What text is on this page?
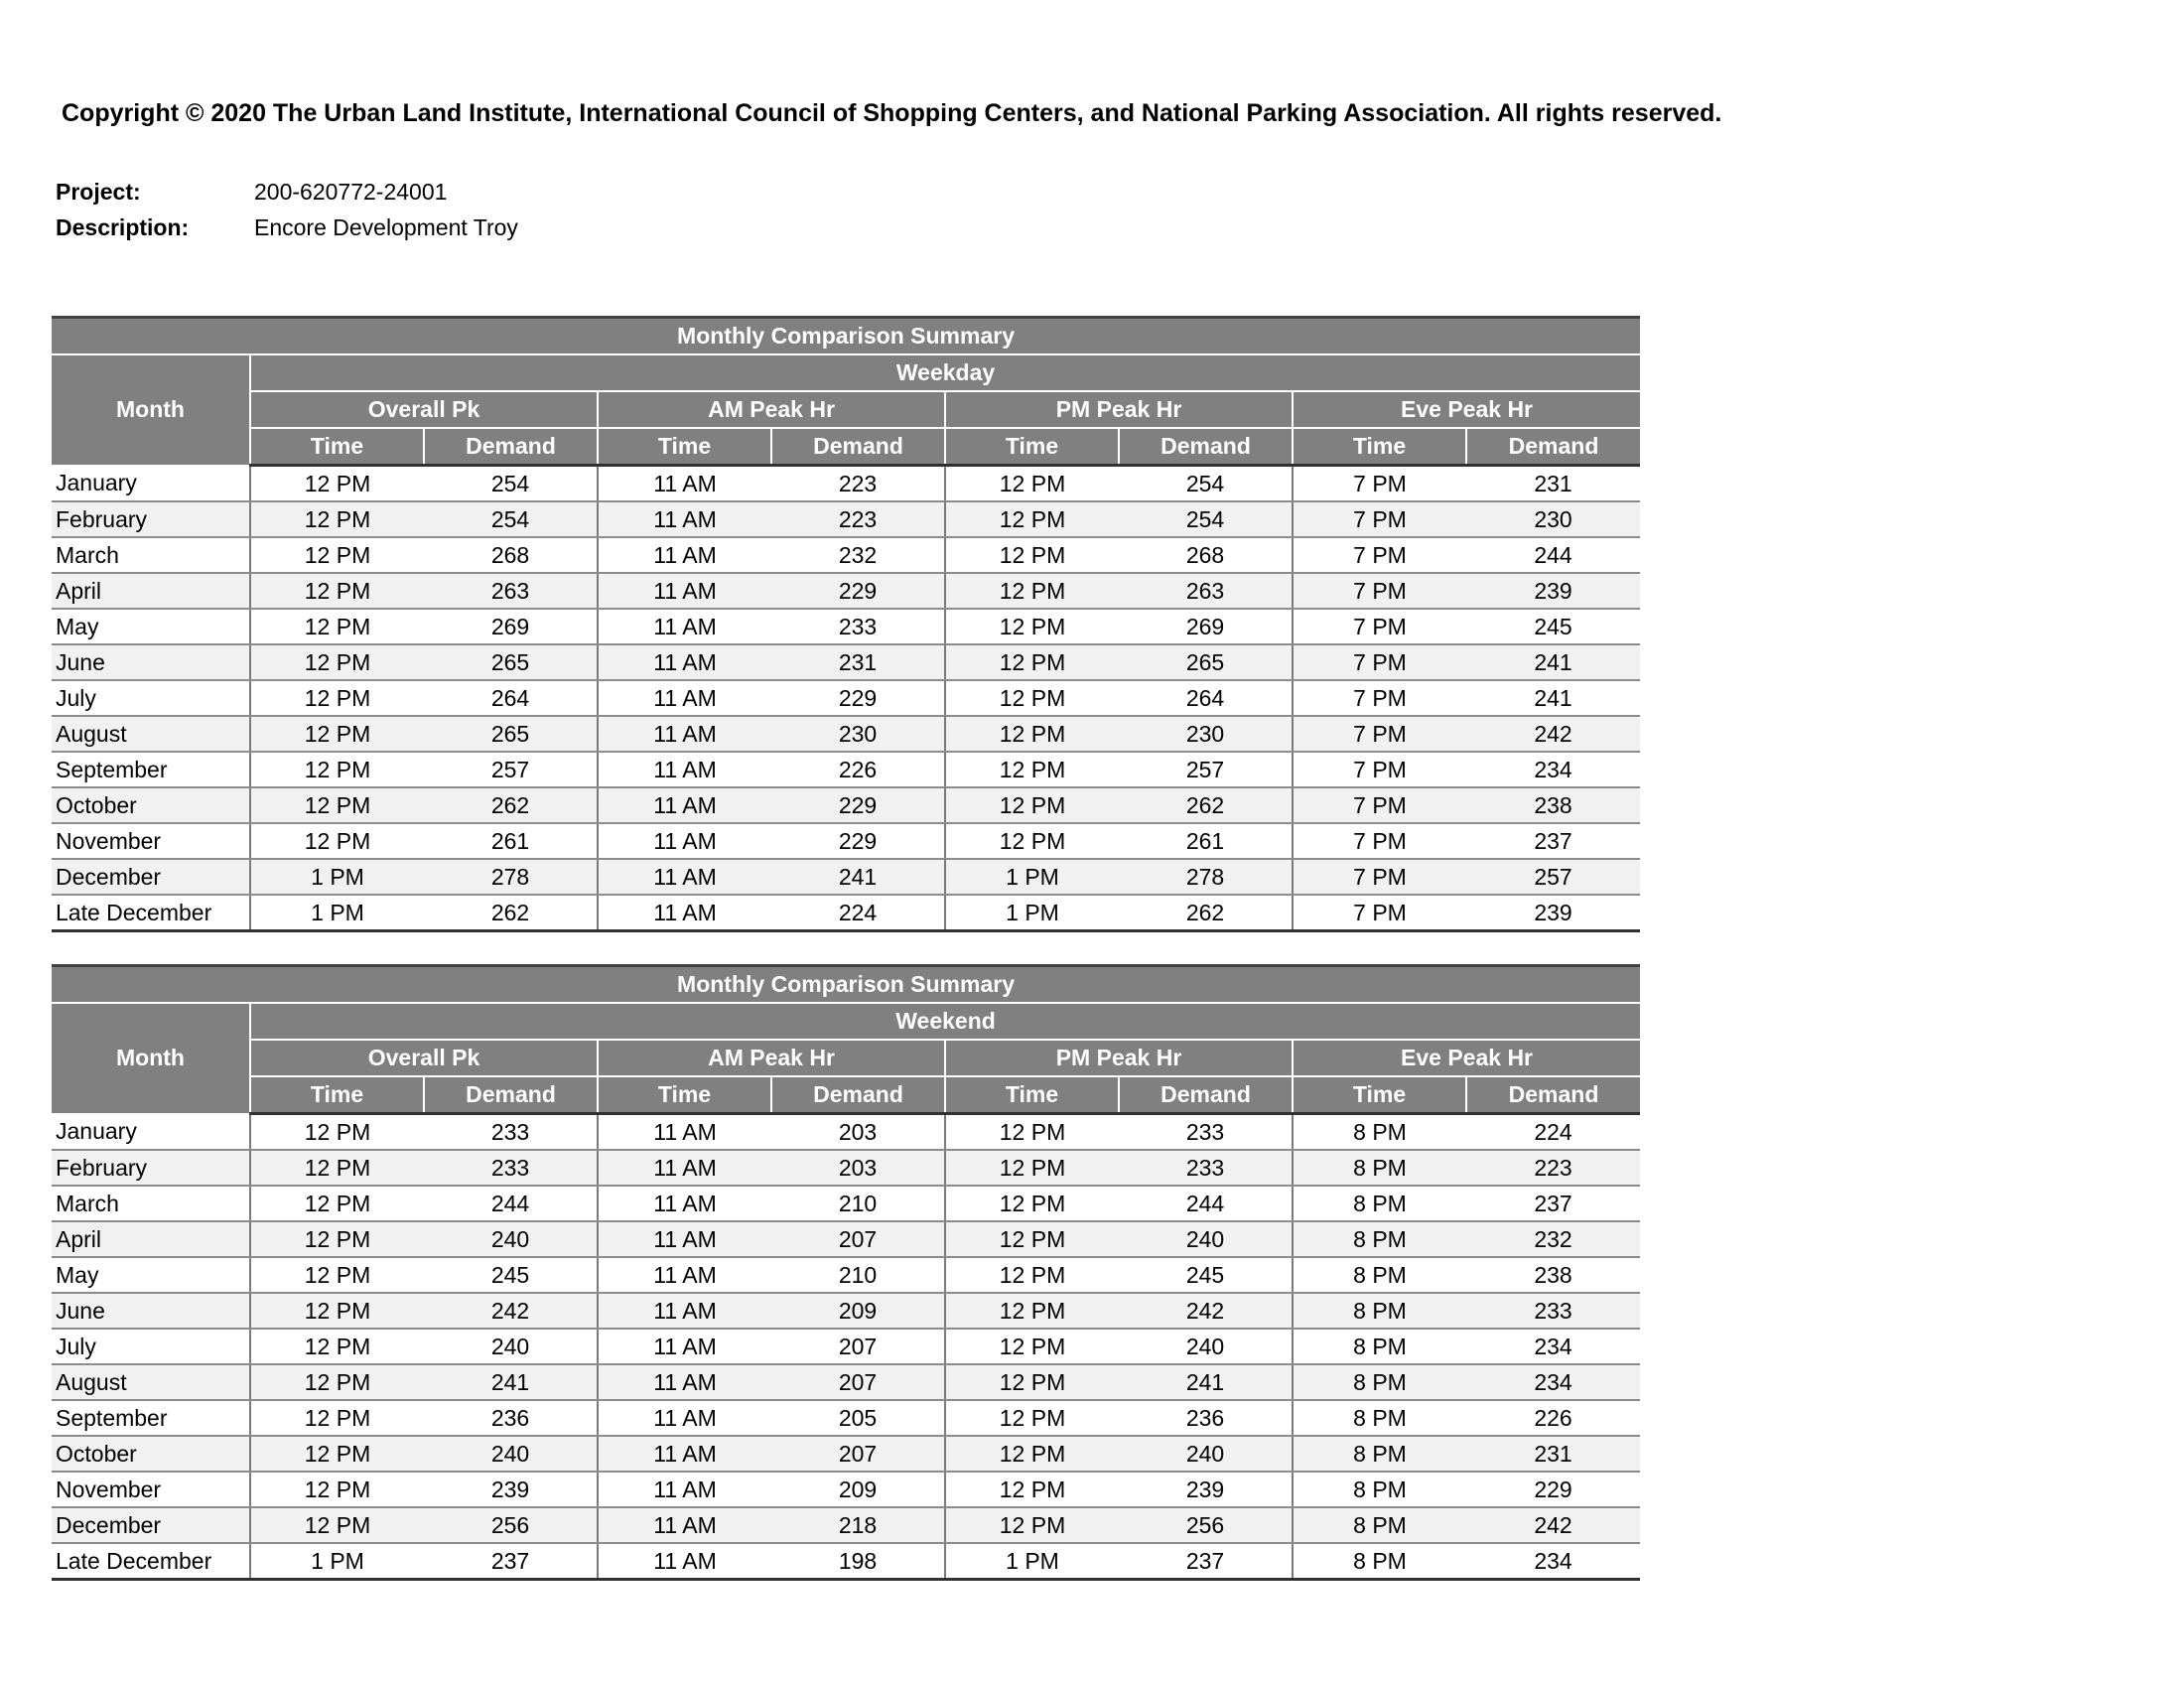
Copyright © 2020 The Urban Land Institute, International Council of Shopping Centers, and National Parking Association. All rights reserved.
Project:	200-620772-24001
Description:	Encore Development Troy
Monthly Comparison Summary								
Month	Weekday							
	Overall Pk		AM Peak Hr		PM Peak Hr		Eve Peak Hr	
	Time	Demand	Time	Demand	Time	Demand	Time	Demand
January	12 PM	254	11 AM	223	12 PM	254	7 PM	231
February	12 PM	254	11 AM	223	12 PM	254	7 PM	230
March	12 PM	268	11 AM	232	12 PM	268	7 PM	244
April	12 PM	263	11 AM	229	12 PM	263	7 PM	239
May	12 PM	269	11 AM	233	12 PM	269	7 PM	245
June	12 PM	265	11 AM	231	12 PM	265	7 PM	241
July	12 PM	264	11 AM	229	12 PM	264	7 PM	241
August	12 PM	265	11 AM	230	12 PM	230	7 PM	242
September	12 PM	257	11 AM	226	12 PM	257	7 PM	234
October	12 PM	262	11 AM	229	12 PM	262	7 PM	238
November	12 PM	261	11 AM	229	12 PM	261	7 PM	237
December	1 PM	278	11 AM	241	1 PM	278	7 PM	257
Late December	1 PM	262	11 AM	224	1 PM	262	7 PM	239
Monthly Comparison Summary								
Month	Weekend							
	Overall Pk		AM Peak Hr		PM Peak Hr		Eve Peak Hr	
	Time	Demand	Time	Demand	Time	Demand	Time	Demand
January	12 PM	233	11 AM	203	12 PM	233	8 PM	224
February	12 PM	233	11 AM	203	12 PM	233	8 PM	223
March	12 PM	244	11 AM	210	12 PM	244	8 PM	237
April	12 PM	240	11 AM	207	12 PM	240	8 PM	232
May	12 PM	245	11 AM	210	12 PM	245	8 PM	238
June	12 PM	242	11 AM	209	12 PM	242	8 PM	233
July	12 PM	240	11 AM	207	12 PM	240	8 PM	234
August	12 PM	241	11 AM	207	12 PM	241	8 PM	234
September	12 PM	236	11 AM	205	12 PM	236	8 PM	226
October	12 PM	240	11 AM	207	12 PM	240	8 PM	231
November	12 PM	239	11 AM	209	12 PM	239	8 PM	229
December	12 PM	256	11 AM	218	12 PM	256	8 PM	242
Late December	1 PM	237	11 AM	198	1 PM	237	8 PM	234
